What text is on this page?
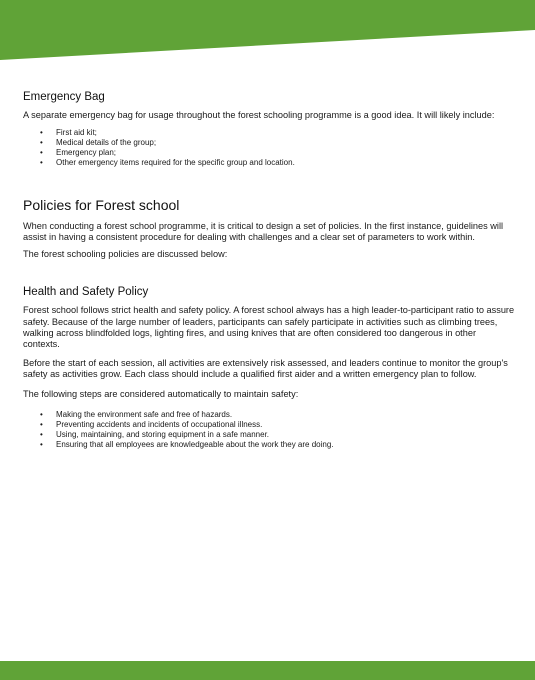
Emergency Bag

A separate emergency bag for usage throughout the forest schooling programme is a good idea. It will likely include:

• First aid kit;
• Medical details of the group;
• Emergency plan;
• Other emergency items required for the specific group and location.
Policies for Forest school

When conducting a forest school programme, it is critical to design a set of policies. In the first instance, guidelines will assist in having a consistent procedure for dealing with challenges and a clear set of parameters to work within.

The forest schooling policies are discussed below:

Health and Safety Policy

Forest school follows strict health and safety policy. A forest school always has a high leader-to-participant ratio to assure safety. Because of the large number of leaders, participants can safely participate in activities such as climbing trees, walking across blindfolded logs, lighting fires, and using knives that are often considered too dangerous in other contexts.

Before the start of each session, all activities are extensively risk assessed, and leaders continue to monitor the group's safety as activities grow. Each class should include a qualified first aider and a written emergency plan to follow.

The following steps are considered automatically to maintain safety:

• Making the environment safe and free of hazards.
• Preventing accidents and incidents of occupational illness.
• Using, maintaining, and storing equipment in a safe manner.
• Ensuring that all employees are knowledgeable about the work they are doing.
